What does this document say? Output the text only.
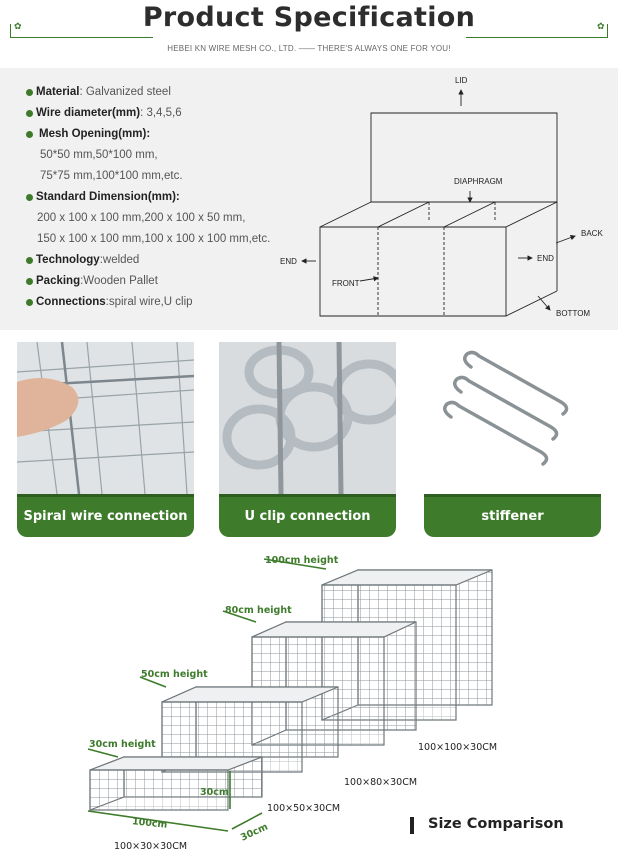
Product Specification
✿	✿
HEBEI KN WIRE MESH CO., LTD. —— THERE'S ALWAYS ONE FOR YOU!
Material: Galvanized steel
Wire diameter(mm): 3,4,5,6
Mesh Opening(mm):
50*50 mm,50*100 mm,
75*75 mm,100*100 mm,etc.
Standard Dimension(mm):
200 x 100 x 100 mm,200 x 100 x 50 mm,
150 x 100 x 100 mm,100 x 100 x 100 mm,etc.
Technology:welded
Packing:Wooden Pallet
Connections:spiral wire,U clip
LID
DIAPHRAGM
BACK
END	END
FRONT
BOTTOM
Spiral wire connection	U clip connection	stiffener
100cm height
80cm height
50cm height
30cm height	100×100×30CM
100×80×30CM
100×50×30CM
100×30×30CM
30cm
100cm	30cm	Size Comparison
